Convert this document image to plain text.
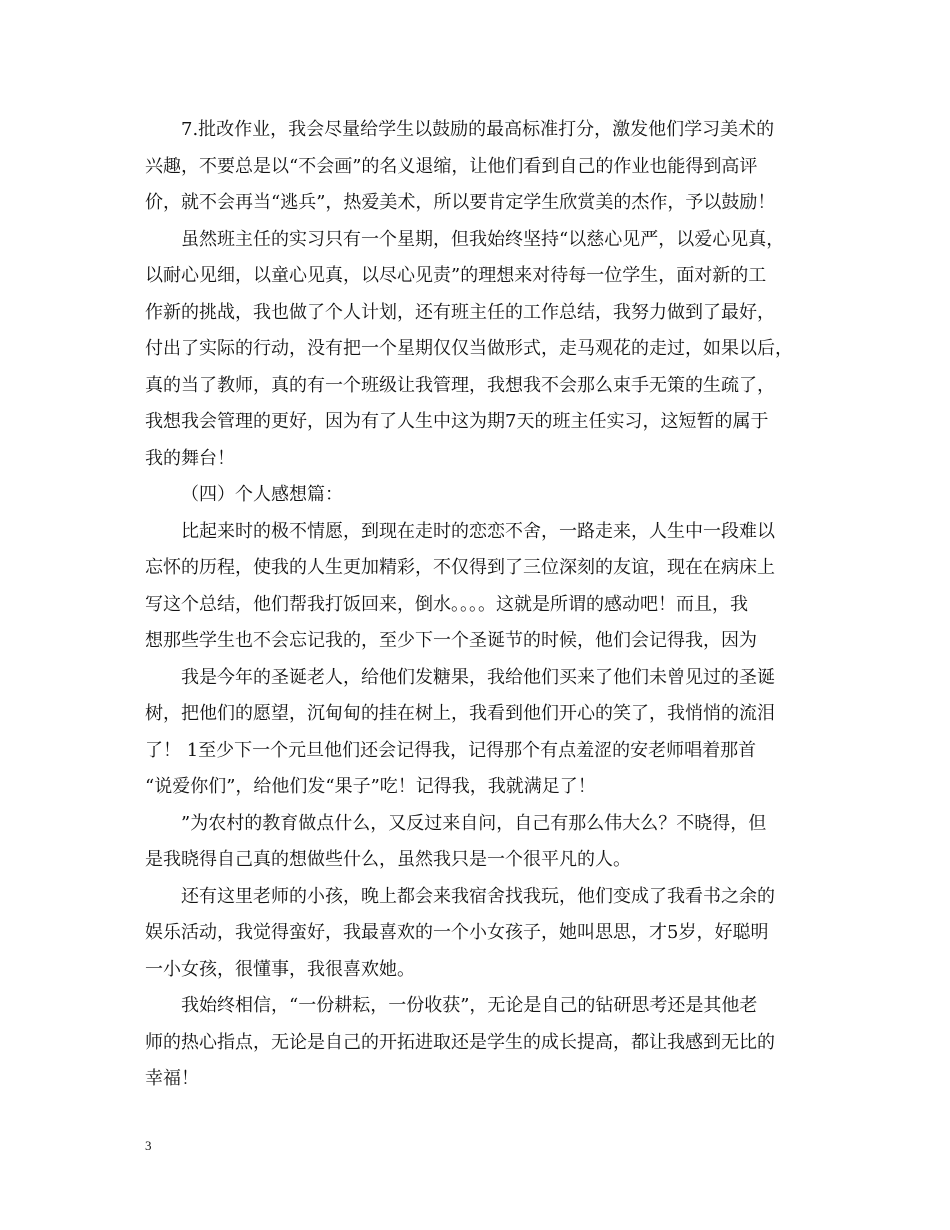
7.批改作业，我会尽量给学生以鼓励的最高标准打分，激发他们学习美术的
兴趣，不要总是以“不会画”的名义退缩，让他们看到自己的作业也能得到高评
价，就不会再当“逃兵”，热爱美术，所以要肯定学生欣赏美的杰作，予以鼓励！
虽然班主任的实习只有一个星期，但我始终坚持“以慈心见严，以爱心见真，
以耐心见细，以童心见真，以尽心见责”的理想来对待每一位学生，面对新的工
作新的挑战，我也做了个人计划，还有班主任的工作总结，我努力做到了最好，
付出了实际的行动，没有把一个星期仅仅当做形式，走马观花的走过，如果以后，
真的当了教师，真的有一个班级让我管理，我想我不会那么束手无策的生疏了，
我想我会管理的更好，因为有了人生中这为期7天的班主任实习，这短暂的属于
我的舞台！
（四）个人感想篇：
比起来时的极不情愿，到现在走时的恋恋不舍，一路走来，人生中一段难以
忘怀的历程，使我的人生更加精彩，不仅得到了三位深刻的友谊，现在在病床上
写这个总结，他们帮我打饭回来，倒水。。。。这就是所谓的感动吧！而且，我
想那些学生也不会忘记我的，至少下一个圣诞节的时候，他们会记得我，因为
我是今年的圣诞老人，给他们发糖果，我给他们买来了他们未曾见过的圣诞
树，把他们的愿望，沉甸甸的挂在树上，我看到他们开心的笑了，我悄悄的流泪
了！ 1至少下一个元旦他们还会记得我，记得那个有点羞涩的安老师唱着那首
“说爱你们”，给他们发“果子”吃！记得我，我就满足了！
”为农村的教育做点什么，又反过来自问，自己有那么伟大么？不晓得，但
是我晓得自己真的想做些什么，虽然我只是一个很平凡的人。
还有这里老师的小孩，晚上都会来我宿舍找我玩，他们变成了我看书之余的
娱乐活动，我觉得蛮好，我最喜欢的一个小女孩子，她叫思思，才5岁，好聪明
一小女孩，很懂事，我很喜欢她。
我始终相信，“一份耕耘，一份收获”，无论是自己的钻研思考还是其他老
师的热心指点，无论是自己的开拓进取还是学生的成长提高，都让我感到无比的
幸福！
3
